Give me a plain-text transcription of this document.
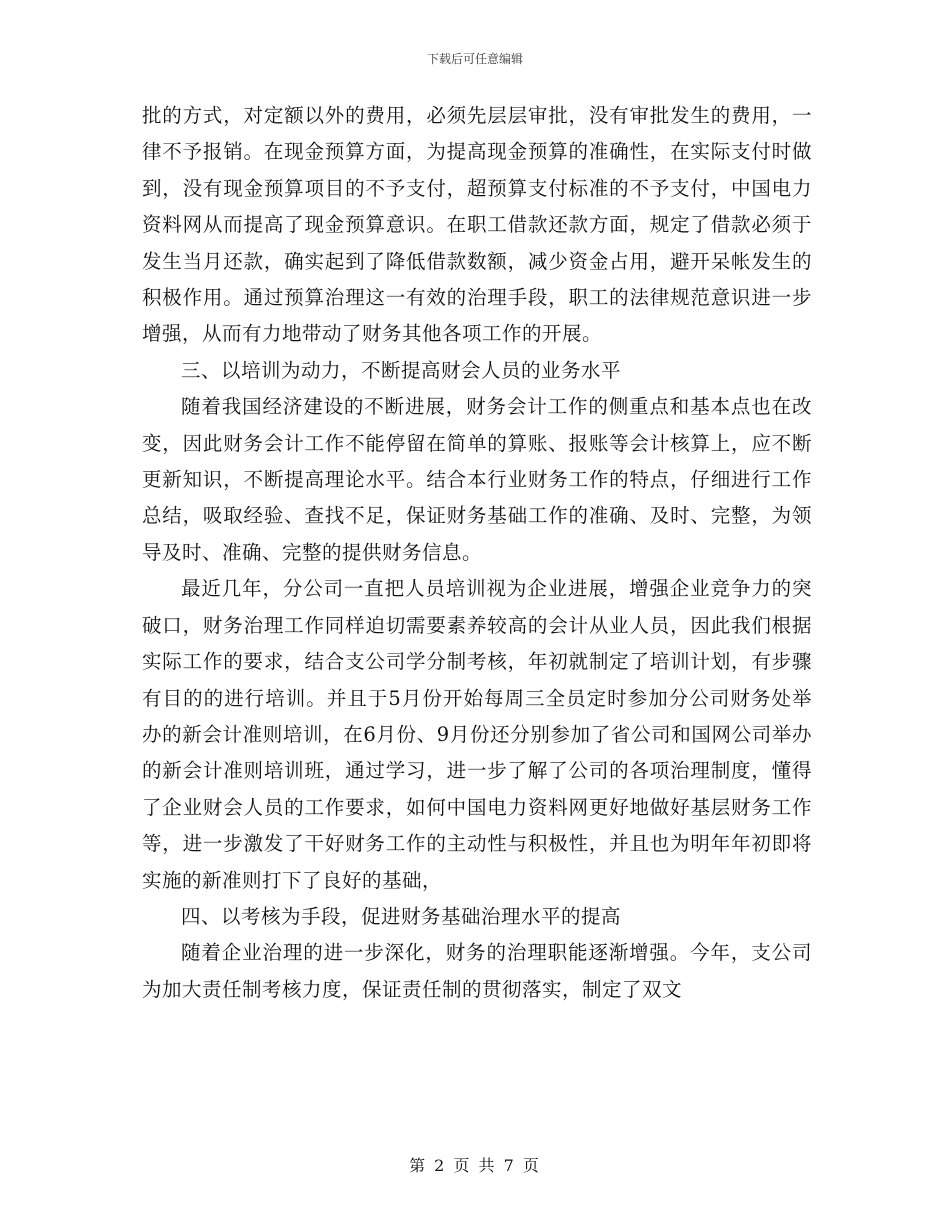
下载后可任意编辑

批的方式，对定额以外的费用，必须先层层审批，没有审批发生的费用，一律不予报销。在现金预算方面，为提高现金预算的准确性，在实际支付时做到，没有现金预算项目的不予支付，超预算支付标准的不予支付，中国电力资料网从而提高了现金预算意识。在职工借款还款方面，规定了借款必须于发生当月还款，确实起到了降低借款数额，减少资金占用，避开呆帐发生的积极作用。通过预算治理这一有效的治理手段，职工的法律规范意识进一步增强，从而有力地带动了财务其他各项工作的开展。

三、以培训为动力，不断提高财会人员的业务水平

随着我国经济建设的不断进展，财务会计工作的侧重点和基本点也在改变，因此财务会计工作不能停留在简单的算账、报账等会计核算上，应不断更新知识，不断提高理论水平。结合本行业财务工作的特点，仔细进行工作总结，吸取经验、查找不足，保证财务基础工作的准确、及时、完整，为领导及时、准确、完整的提供财务信息。

最近几年，分公司一直把人员培训视为企业进展，增强企业竞争力的突破口，财务治理工作同样迫切需要素养较高的会计从业人员，因此我们根据实际工作的要求，结合支公司学分制考核，年初就制定了培训计划，有步骤有目的的进行培训。并且于5月份开始每周三全员定时参加分公司财务处举办的新会计准则培训，在6月份、9月份还分别参加了省公司和国网公司举办的新会计准则培训班，通过学习，进一步了解了公司的各项治理制度，懂得了企业财会人员的工作要求，如何中国电力资料网更好地做好基层财务工作等，进一步激发了干好财务工作的主动性与积极性，并且也为明年年初即将实施的新准则打下了良好的基础，

四、以考核为手段，促进财务基础治理水平的提高

随着企业治理的进一步深化，财务的治理职能逐渐增强。今年，支公司为加大责任制考核力度，保证责任制的贯彻落实，制定了双文

第 2 页 共 7 页
